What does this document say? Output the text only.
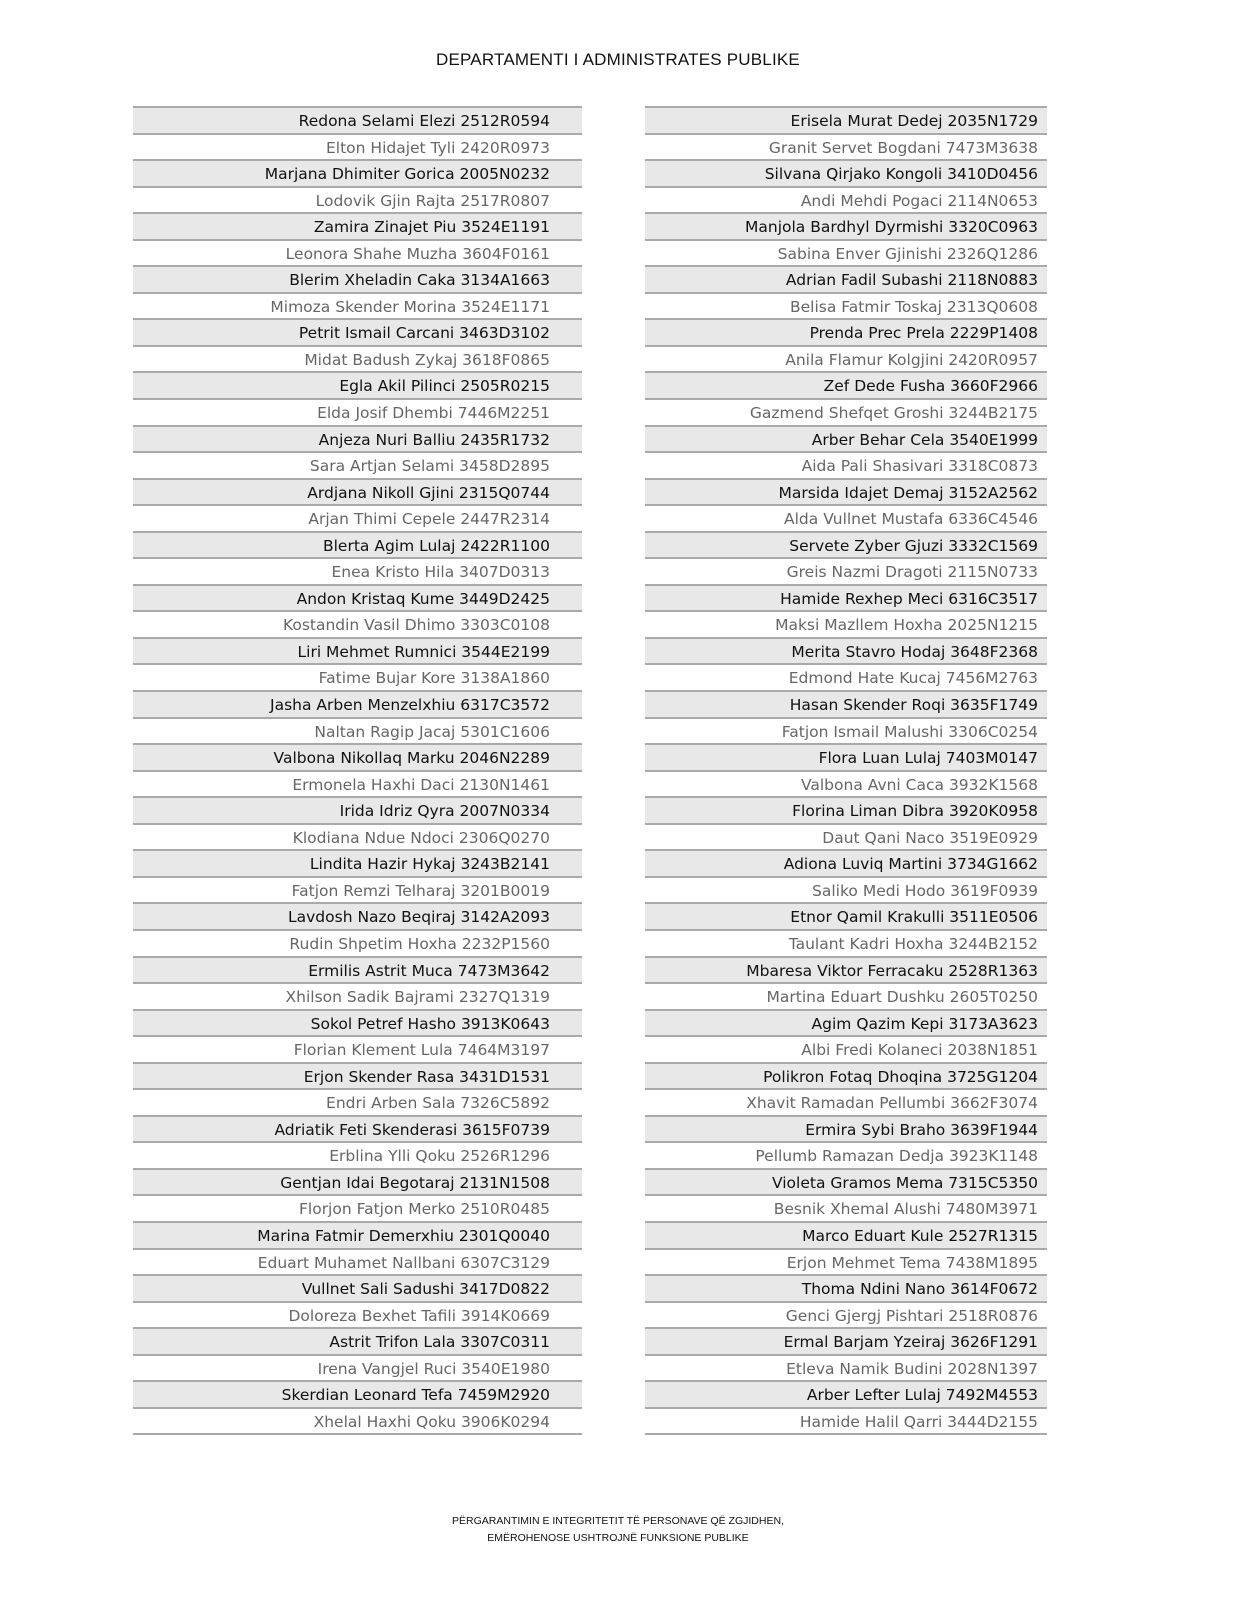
DEPARTAMENTI I ADMINISTRATES PUBLIKE
Redona Selami Elezi 2512R0594
Elton Hidajet Tyli 2420R0973
Marjana Dhimiter Gorica 2005N0232
Lodovik Gjin Rajta 2517R0807
Zamira Zinajet Piu 3524E1191
Leonora Shahe Muzha 3604F0161
Blerim Xheladin Caka 3134A1663
Mimoza Skender Morina 3524E1171
Petrit Ismail Carcani 3463D3102
Midat Badush Zykaj 3618F0865
Egla Akil Pilinci 2505R0215
Elda Josif Dhembi 7446M2251
Anjeza Nuri Balliu 2435R1732
Sara Artjan Selami 3458D2895
Ardjana Nikoll Gjini 2315Q0744
Arjan Thimi Cepele 2447R2314
Blerta Agim Lulaj 2422R1100
Enea Kristo Hila 3407D0313
Andon Kristaq Kume 3449D2425
Kostandin Vasil Dhimo 3303C0108
Liri Mehmet Rumnici 3544E2199
Fatime Bujar Kore 3138A1860
Jasha Arben Menzelxhiu 6317C3572
Naltan Ragip Jacaj 5301C1606
Valbona Nikollaq Marku 2046N2289
Ermonela Haxhi Daci 2130N1461
Irida Idriz Qyra 2007N0334
Klodiana Ndue Ndoci 2306Q0270
Lindita Hazir Hykaj 3243B2141
Fatjon Remzi Telharaj 3201B0019
Lavdosh Nazo Beqiraj 3142A2093
Rudin Shpetim Hoxha 2232P1560
Ermilis Astrit Muca 7473M3642
Xhilson Sadik Bajrami 2327Q1319
Sokol Petref Hasho 3913K0643
Florian Klement Lula 7464M3197
Erjon Skender Rasa 3431D1531
Endri Arben Sala 7326C5892
Adriatik Feti Skenderasi 3615F0739
Erblina Ylli Qoku 2526R1296
Gentjan Idai Begotaraj 2131N1508
Florjon Fatjon Merko 2510R0485
Marina Fatmir Demerxhiu 2301Q0040
Eduart Muhamet Nallbani 6307C3129
Vullnet Sali Sadushi 3417D0822
Doloreza Bexhet Tafili 3914K0669
Astrit Trifon Lala 3307C0311
Irena Vangjel Ruci 3540E1980
Skerdian Leonard Tefa 7459M2920
Xhelal Haxhi Qoku 3906K0294
Erisela Murat Dedej 2035N1729
Granit Servet Bogdani 7473M3638
Silvana Qirjako Kongoli 3410D0456
Andi Mehdi Pogaci 2114N0653
Manjola Bardhyl Dyrmishi 3320C0963
Sabina Enver Gjinishi 2326Q1286
Adrian Fadil Subashi 2118N0883
Belisa Fatmir Toskaj 2313Q0608
Prenda Prec Prela 2229P1408
Anila Flamur Kolgjini 2420R0957
Zef Dede Fusha 3660F2966
Gazmend Shefqet Groshi 3244B2175
Arber Behar Cela 3540E1999
Aida Pali Shasivari 3318C0873
Marsida Idajet Demaj 3152A2562
Alda Vullnet Mustafa 6336C4546
Servete Zyber Gjuzi 3332C1569
Greis Nazmi Dragoti 2115N0733
Hamide Rexhep Meci 6316C3517
Maksi Mazllem Hoxha 2025N1215
Merita Stavro Hodaj 3648F2368
Edmond Hate Kucaj 7456M2763
Hasan Skender Roqi 3635F1749
Fatjon Ismail Malushi 3306C0254
Flora Luan Lulaj 7403M0147
Valbona Avni Caca 3932K1568
Florina Liman Dibra 3920K0958
Daut Qani Naco 3519E0929
Adiona Luviq Martini 3734G1662
Saliko Medi Hodo 3619F0939
Etnor Qamil Krakulli 3511E0506
Taulant Kadri Hoxha 3244B2152
Mbaresa Viktor Ferracaku 2528R1363
Martina Eduart Dushku 2605T0250
Agim Qazim Kepi 3173A3623
Albi Fredi Kolaneci 2038N1851
Polikron Fotaq Dhoqina 3725G1204
Xhavit Ramadan Pellumbi 3662F3074
Ermira Sybi Braho 3639F1944
Pellumb Ramazan Dedja 3923K1148
Violeta Gramos Mema 7315C5350
Besnik Xhemal Alushi 7480M3971
Marco Eduart Kule 2527R1315
Erjon Mehmet Tema 7438M1895
Thoma Ndini Nano 3614F0672
Genci Gjergj Pishtari 2518R0876
Ermal Barjam Yzeiraj 3626F1291
Etleva Namik Budini 2028N1397
Arber Lefter Lulaj 7492M4553
Hamide Halil Qarri 3444D2155
PËRGARANTIMIN E INTEGRITETIT TË PERSONAVE QË ZGJIDHEN,
EMËROHENOSE USHTROJNË FUNKSIONE PUBLIKE
